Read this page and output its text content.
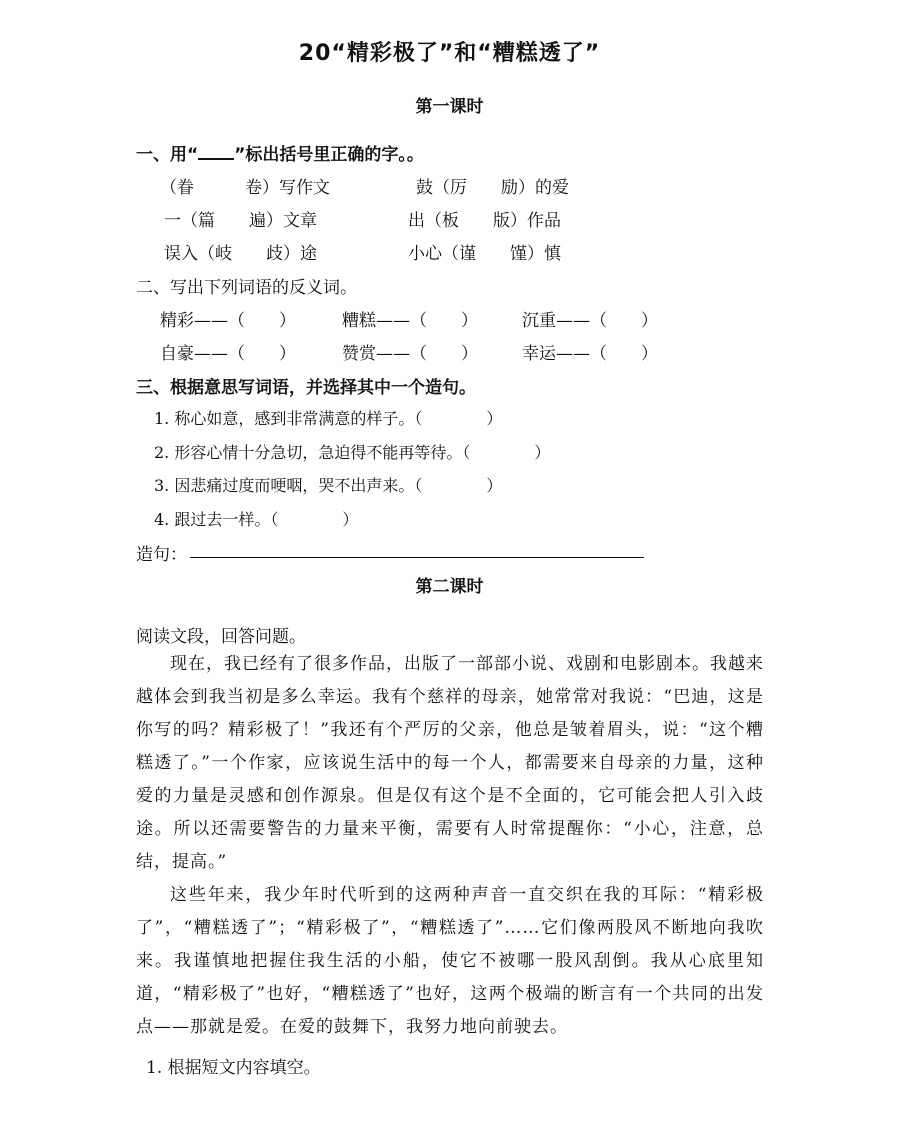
20“精彩极了”和“糟糕透了”
第一课时
一、用“ ”标出括号里正确的字。。
（眷　　　卷）写作文	鼓（厉　　励）的爱
一（篇　　遍）文章	出（板　　版）作品
误入（岐　　歧）途	小心（谨　　馑）慎
二、写出下列词语的反义词。
精彩——（　　）	糟糕——（　　）	沉重——（　　）
自豪——（　　）	赞赏——（　　）	幸运——（　　）
三、根据意思写词语，并选择其中一个造句。
1. 称心如意，感到非常满意的样子。（　　　　）
2. 形容心情十分急切，急迫得不能再等待。（　　　　）
3. 因悲痛过度而哽咽，哭不出声来。（　　　　）
4. 跟过去一样。（　　　　）
造句：
第二课时
阅读文段，回答问题。
现在，我已经有了很多作品，出版了一部部小说、戏剧和电影剧本。我越来越体会到我当初是多么幸运。我有个慈祥的母亲，她常常对我说：“巴迪，这是你写的吗？精彩极了！”我还有个严厉的父亲，他总是皱着眉头，说：“这个糟糕透了。”一个作家，应该说生活中的每一个人，都需要来自母亲的力量，这种爱的力量是灵感和创作源泉。但是仅有这个是不全面的，它可能会把人引入歧途。所以还需要警告的力量来平衡，需要有人时常提醒你：“小心，注意，总结，提高。”
这些年来，我少年时代听到的这两种声音一直交织在我的耳际：“精彩极了”，“糟糕透了”；“精彩极了”，“糟糕透了”……它们像两股风不断地向我吹来。我谨慎地把握住我生活的小船，使它不被哪一股风刮倒。我从心底里知道，“精彩极了”也好，“糟糕透了”也好，这两个极端的断言有一个共同的出发点——那就是爱。在爱的鼓舞下，我努力地向前驶去。
1. 根据短文内容填空。
